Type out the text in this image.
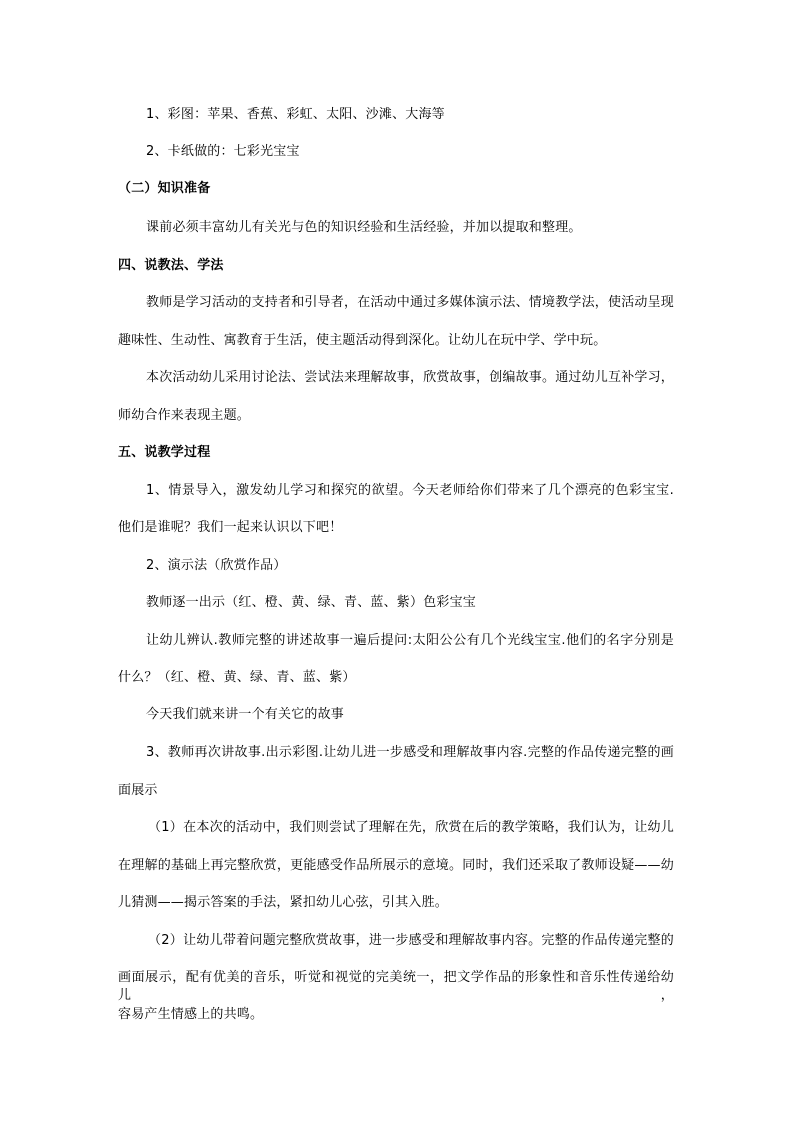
1、彩图：苹果、香蕉、彩虹、太阳、沙滩、大海等
2、卡纸做的：七彩光宝宝
（二）知识准备
课前必须丰富幼儿有关光与色的知识经验和生活经验，并加以提取和整理。
四、说教法、学法
教师是学习活动的支持者和引导者，在活动中通过多媒体演示法、情境教学法，使活动呈现
趣味性、生动性、寓教育于生活，使主题活动得到深化。让幼儿在玩中学、学中玩。
本次活动幼儿采用讨论法、尝试法来理解故事，欣赏故事，创编故事。通过幼儿互补学习，
师幼合作来表现主题。
五、说教学过程
1、情景导入，激发幼儿学习和探究的欲望。今天老师给你们带来了几个漂亮的色彩宝宝.
他们是谁呢？我们一起来认识以下吧！
2、演示法（欣赏作品）
教师逐一出示（红、橙、黄、绿、青、蓝、紫）色彩宝宝
让幼儿辨认.教师完整的讲述故事一遍后提问:太阳公公有几个光线宝宝.他们的名字分别是
什么？（红、橙、黄、绿、青、蓝、紫）
今天我们就来讲一个有关它的故事
3、教师再次讲故事.出示彩图.让幼儿进一步感受和理解故事内容.完整的作品传递完整的画
面展示
（1）在本次的活动中，我们则尝试了理解在先，欣赏在后的教学策略，我们认为，让幼儿
在理解的基础上再完整欣赏，更能感受作品所展示的意境。同时，我们还采取了教师设疑——幼
儿猜测——揭示答案的手法，紧扣幼儿心弦，引其入胜。
（2）让幼儿带着问题完整欣赏故事，进一步感受和理解故事内容。完整的作品传递完整的
画面展示，配有优美的音乐，听觉和视觉的完美统一，把文学作品的形象性和音乐性传递给幼儿，
容易产生情感上的共鸣。
